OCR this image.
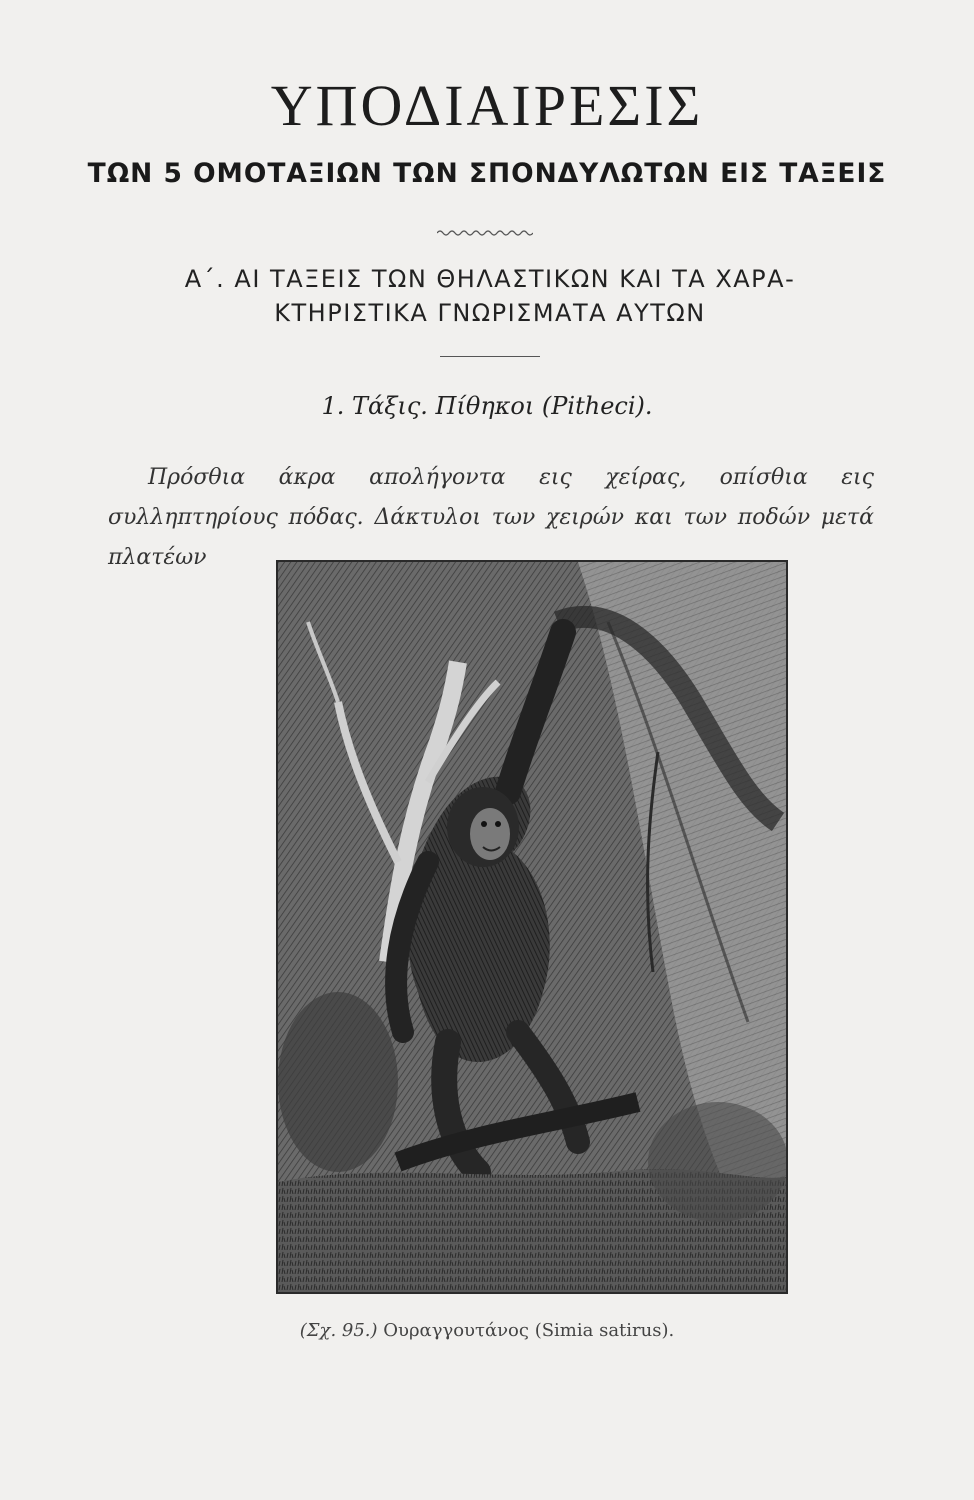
ΥΠΟΔΙΑΙΡΕΣΙΣ
ΤΩΝ 5 ΟΜΟΤΑΞΙΩΝ ΤΩΝ ΣΠΟΝΔΥΛΩΤΩΝ ΕΙΣ ΤΑΞΕΙΣ
Α΄. ΑΙ ΤΑΞΕΙΣ ΤΩΝ ΘΗΛΑΣΤΙΚΩΝ ΚΑΙ ΤΑ ΧΑΡΑ-
ΚΤΗΡΙΣΤΙΚΑ ΓΝΩΡΙΣΜΑΤΑ ΑΥΤΩΝ
1. Τάξις. Πίθηκοι (Pitheci).
Πρόσθια άκρα απολήγοντα εις χείρας, οπίσθια εις συλληπτηρίους πόδας. Δάκτυλοι των χειρών και των ποδών μετά πλατέων
(Σχ. 95.) Ουραγγουτάνος (Simia satirus).
